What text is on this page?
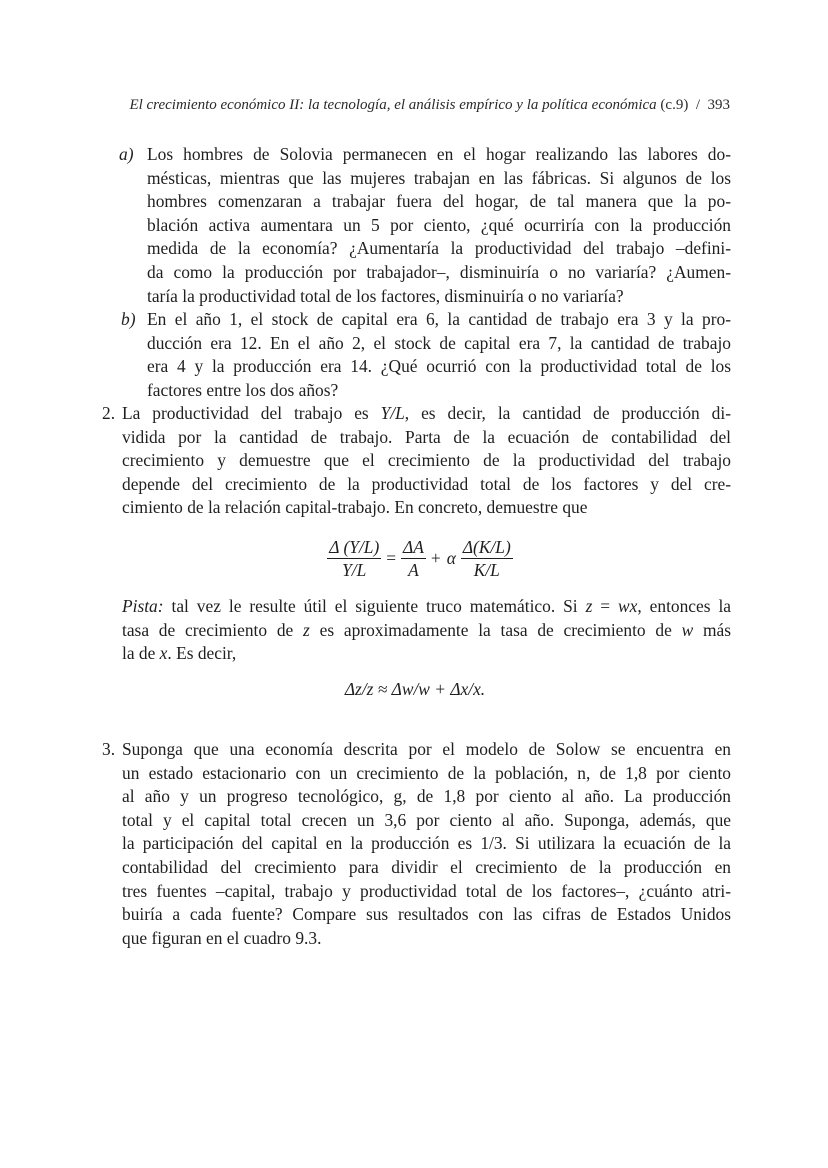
El crecimiento económico II: la tecnología, el análisis empírico y la política económica (c.9) / 393
a) Los hombres de Solovia permanecen en el hogar realizando las labores do-
mésticas, mientras que las mujeres trabajan en las fábricas. Si algunos de los
hombres comenzaran a trabajar fuera del hogar, de tal manera que la po-
blación activa aumentara un 5 por ciento, ¿qué ocurriría con la producción
medida de la economía? ¿Aumentaría la productividad del trabajo –defini-
da como la producción por trabajador–, disminuiría o no variaría? ¿Aumen-
taría la productividad total de los factores, disminuiría o no variaría?
b) En el año 1, el stock de capital era 6, la cantidad de trabajo era 3 y la pro-
ducción era 12. En el año 2, el stock de capital era 7, la cantidad de trabajo
era 4 y la producción era 14. ¿Qué ocurrió con la productividad total de los
factores entre los dos años?
2. La productividad del trabajo es Y/L, es decir, la cantidad de producción di-
vidida por la cantidad de trabajo. Parta de la ecuación de contabilidad del
crecimiento y demuestre que el crecimiento de la productividad del trabajo
depende del crecimiento de la productividad total de los factores y del cre-
cimiento de la relación capital-trabajo. En concreto, demuestre que
$\frac{\Delta (Y/L)}{Y/L} = \frac{\Delta A}{A} + \alpha \frac{\Delta(K/L)}{K/L}$
Pista: tal vez le resulte útil el siguiente truco matemático. Si z = wx, entonces la
tasa de crecimiento de z es aproximadamente la tasa de crecimiento de w más
la de x. Es decir,
Δz/z ≈ Δw/w + Δx/x.
3. Suponga que una economía descrita por el modelo de Solow se encuentra en
un estado estacionario con un crecimiento de la población, n, de 1,8 por ciento
al año y un progreso tecnológico, g, de 1,8 por ciento al año. La producción
total y el capital total crecen un 3,6 por ciento al año. Suponga, además, que
la participación del capital en la producción es 1/3. Si utilizara la ecuación de la
contabilidad del crecimiento para dividir el crecimiento de la producción en
tres fuentes –capital, trabajo y productividad total de los factores–, ¿cuánto atri-
buiría a cada fuente? Compare sus resultados con las cifras de Estados Unidos
que figuran en el cuadro 9.3.
